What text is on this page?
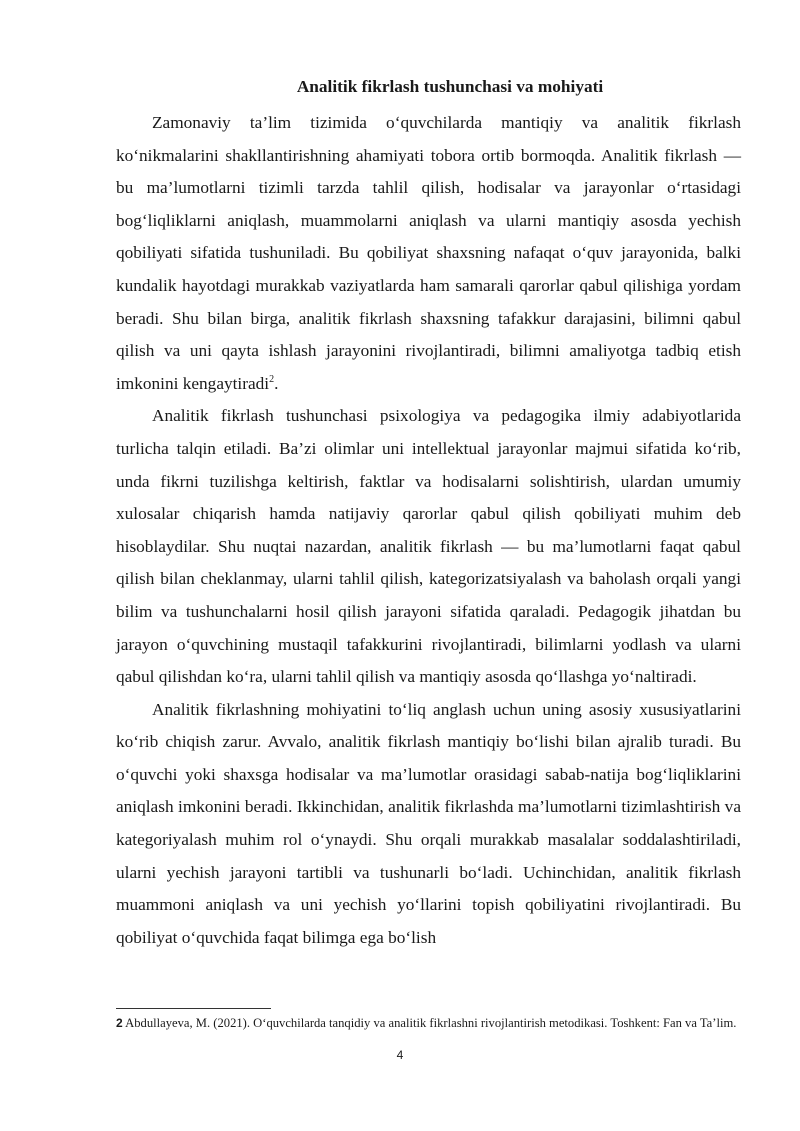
Analitik fikrlash tushunchasi va mohiyati

Zamonaviy ta’lim tizimida o‘quvchilarda mantiqiy va analitik fikrlash ko‘nikmalarini shakllantirishning ahamiyati tobora ortib bormoqda. Analitik fikrlash — bu ma’lumotlarni tizimli tarzda tahlil qilish, hodisalar va jarayonlar o‘rtasidagi bog‘liqliklarni aniqlash, muammolarni aniqlash va ularni mantiqiy asosda yechish qobiliyati sifatida tushuniladi. Bu qobiliyat shaxsning nafaqat o‘quv jarayonida, balki kundalik hayotdagi murakkab vaziyatlarda ham samarali qarorlar qabul qilishiga yordam beradi. Shu bilan birga, analitik fikrlash shaxsning tafakkur darajasini, bilimni qabul qilish va uni qayta ishlash jarayonini rivojlantiradi, bilimni amaliyotga tadbiq etish imkonini kengaytiradi$^2$.

Analitik fikrlash tushunchasi psixologiya va pedagogika ilmiy adabiyotlarida turlicha talqin etiladi. Ba’zi olimlar uni intellektual jarayonlar majmui sifatida ko‘rib, unda fikrni tuzilishga keltirish, faktlar va hodisalarni solishtirish, ulardan umumiy xulosalar chiqarish hamda natijaviy qarorlar qabul qilish qobiliyati muhim deb hisoblaydilar. Shu nuqtai nazardan, analitik fikrlash — bu ma’lumotlarni faqat qabul qilish bilan cheklanmay, ularni tahlil qilish, kategorizatsiyalash va baholash orqali yangi bilim va tushunchalarni hosil qilish jarayoni sifatida qaraladi. Pedagogik jihatdan bu jarayon o‘quvchining mustaqil tafakkurini rivojlantiradi, bilimlarni yodlash va ularni qabul qilishdan ko‘ra, ularni tahlil qilish va mantiqiy asosda qo‘llashga yo‘naltiradi.

Analitik fikrlashning mohiyatini to‘liq anglash uchun uning asosiy xususiyatlarini ko‘rib chiqish zarur. Avvalo, analitik fikrlash mantiqiy bo‘lishi bilan ajralib turadi. Bu o‘quvchi yoki shaxsga hodisalar va ma’lumotlar orasidagi sabab-natija bog‘liqliklarini aniqlash imkonini beradi. Ikkinchidan, analitik fikrlashda ma’lumotlarni tizimlashtirish va kategoriyalash muhim rol o‘ynaydi. Shu orqali murakkab masalalar soddalashtiriladi, ularni yechish jarayoni tartibli va tushunarli bo‘ladi. Uchinchidan, analitik fikrlash muammoni aniqlash va uni yechish yo‘llarini topish qobiliyatini rivojlantiradi. Bu qobiliyat o‘quvchida faqat bilimga ega bo‘lish

2 Abdullayeva, M. (2021). O‘quvchilarda tanqidiy va analitik fikrlashni rivojlantirish metodikasi. Toshkent: Fan va Ta’lim.

4
